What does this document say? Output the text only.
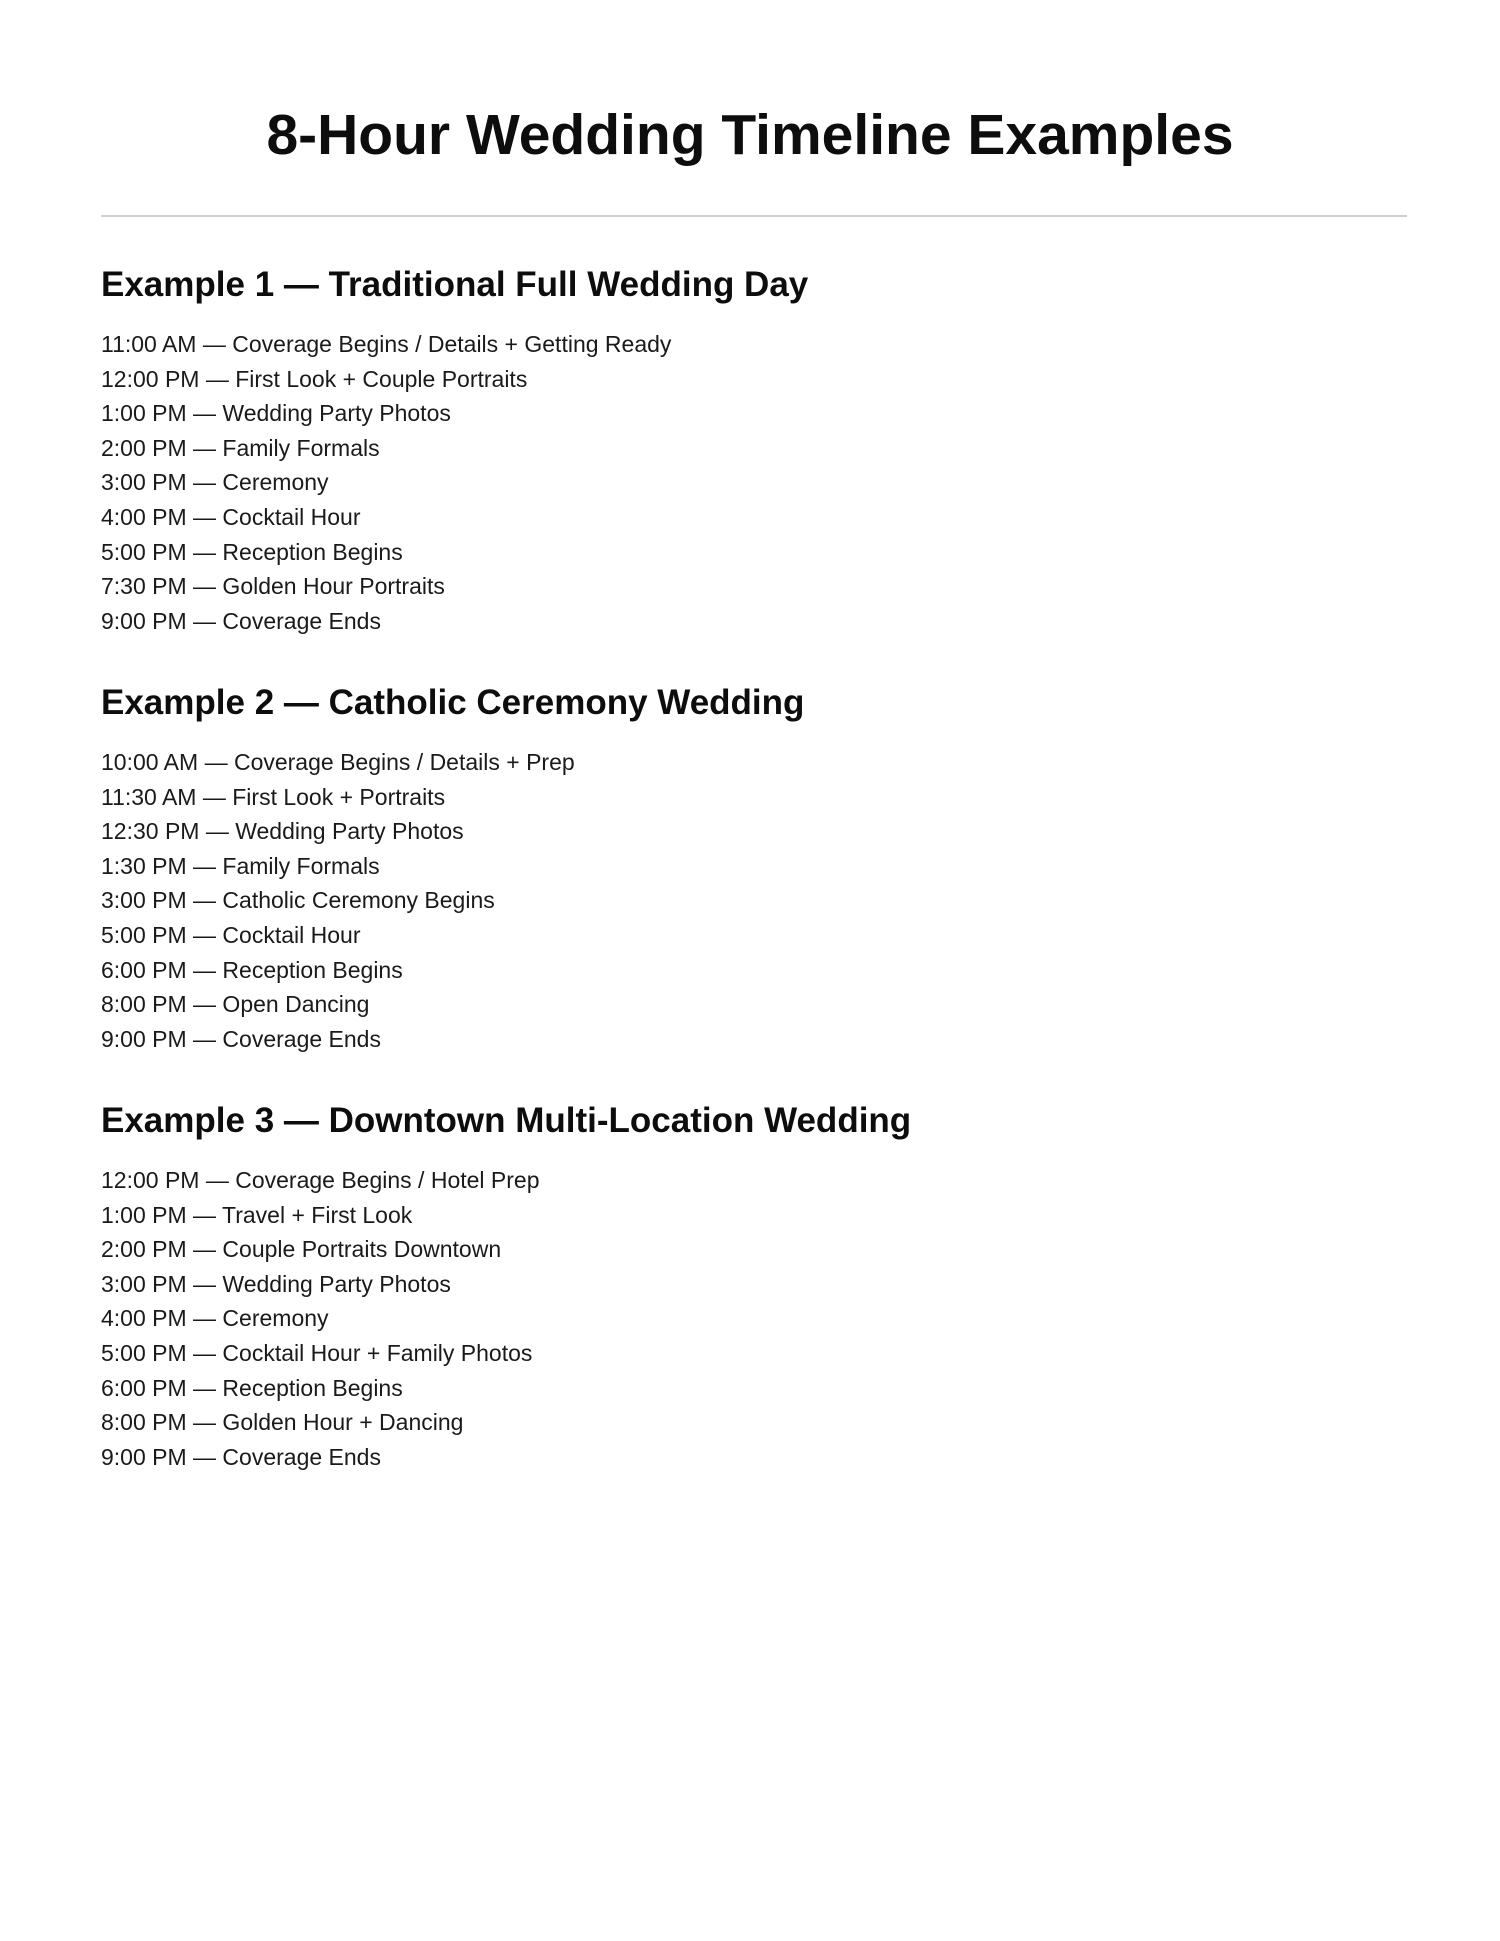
8-Hour Wedding Timeline Examples
Example 1 — Traditional Full Wedding Day
11:00 AM — Coverage Begins / Details + Getting Ready
12:00 PM — First Look + Couple Portraits
1:00 PM — Wedding Party Photos
2:00 PM — Family Formals
3:00 PM — Ceremony
4:00 PM — Cocktail Hour
5:00 PM — Reception Begins
7:30 PM — Golden Hour Portraits
9:00 PM — Coverage Ends
Example 2 — Catholic Ceremony Wedding
10:00 AM — Coverage Begins / Details + Prep
11:30 AM — First Look + Portraits
12:30 PM — Wedding Party Photos
1:30 PM — Family Formals
3:00 PM — Catholic Ceremony Begins
5:00 PM — Cocktail Hour
6:00 PM — Reception Begins
8:00 PM — Open Dancing
9:00 PM — Coverage Ends
Example 3 — Downtown Multi-Location Wedding
12:00 PM — Coverage Begins / Hotel Prep
1:00 PM — Travel + First Look
2:00 PM — Couple Portraits Downtown
3:00 PM — Wedding Party Photos
4:00 PM — Ceremony
5:00 PM — Cocktail Hour + Family Photos
6:00 PM — Reception Begins
8:00 PM — Golden Hour + Dancing
9:00 PM — Coverage Ends
